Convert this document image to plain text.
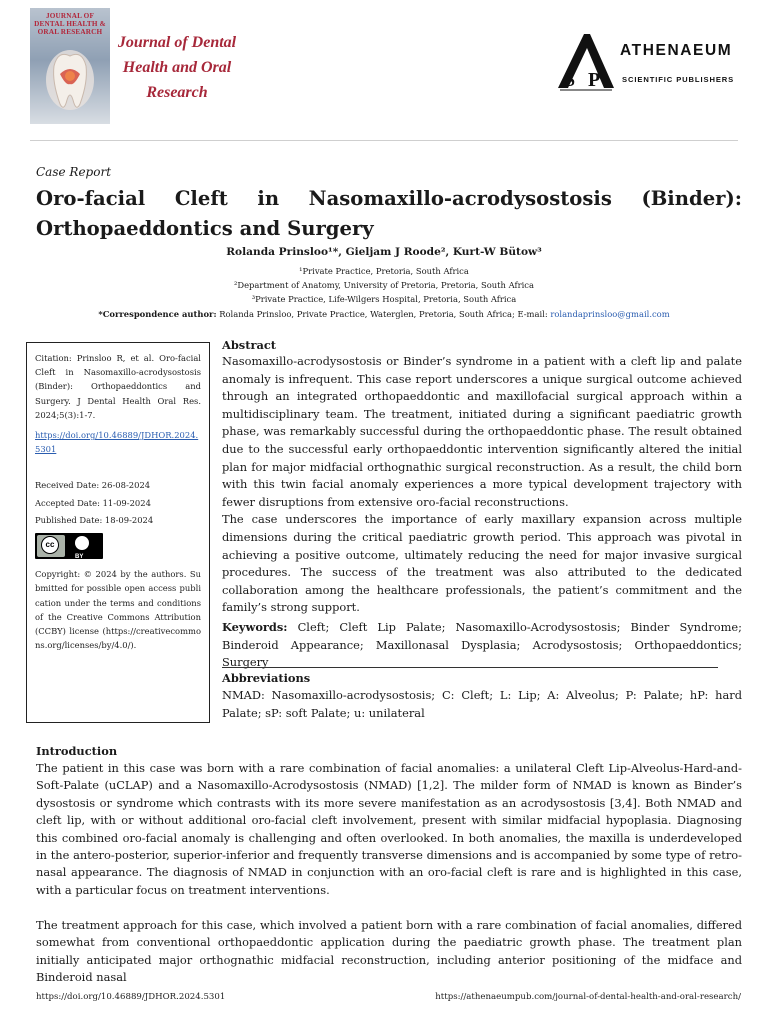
JOURNAL OF DENTAL HEALTH & ORAL RESEARCH
Journal of Dental
Health and Oral
Research
S P
ATHENAEUM
SCIENTIFIC PUBLISHERS
Case Report
Oro-facial Cleft in Nasomaxillo-acrodysostosis (Binder):
Orthopaeddontics and Surgery
Rolanda Prinsloo¹*, Gieljam J Roode², Kurt-W Bütow³
¹Private Practice, Pretoria, South Africa
²Department of Anatomy, University of Pretoria, Pretoria, South Africa
³Private Practice, Life-Wilgers Hospital, Pretoria, South Africa
*Correspondence author: Rolanda Prinsloo, Private Practice, Waterglen, Pretoria, South Africa; E-mail: rolandaprinsloo@gmail.com
Citation: Prinsloo R, et al. Oro-facial Cleft in Nasomaxillo-acrodysostosis (Binder): Orthopaeddontics and Surgery. J Dental Health Oral Res. 2024;5(3):1-7.
https://doi.org/10.46889/JDHOR.2024.5301
Received Date: 26-08-2024
Accepted Date: 11-09-2024
Published Date: 18-09-2024
cc
BY
Copyright: © 2024 by the authors. Submitted for possible open access publication under the terms and conditions of the Creative Commons Attribution (CCBY) license (https://creativecommons.org/licenses/by/4.0/).
Abstract

Nasomaxillo-acrodysostosis or Binder’s syndrome in a patient with a cleft lip and palate anomaly is infrequent. This case report underscores a unique surgical outcome achieved through an integrated orthopaeddontic and maxillofacial surgical approach within a multidisciplinary team. The treatment, initiated during a significant paediatric growth phase, was remarkably successful during the orthopaeddontic phase. The result obtained due to the successful early orthopaeddontic intervention significantly altered the initial plan for major midfacial orthognathic surgical reconstruction. As a result, the child born with this twin facial anomaly experiences a more typical development trajectory with fewer disruptions from extensive oro-facial reconstructions.

The case underscores the importance of early maxillary expansion across multiple dimensions during the critical paediatric growth period. This approach was pivotal in achieving a positive outcome, ultimately reducing the need for major invasive surgical procedures. The success of the treatment was also attributed to the dedicated collaboration among the healthcare professionals, the patient’s commitment and the family’s strong support.

Keywords: Cleft; Cleft Lip Palate; Nasomaxillo-Acrodysostosis; Binder Syndrome; Binderoid Appearance; Maxillonasal Dysplasia; Acrodysostosis; Orthopaeddontics; Surgery
Abbreviations
NMAD: Nasomaxillo-acrodysostosis; C: Cleft; L: Lip; A: Alveolus; P: Palate; hP: hard Palate; sP: soft Palate; u: unilateral
Introduction

The patient in this case was born with a rare combination of facial anomalies: a unilateral Cleft Lip-Alveolus-Hard-and-Soft-Palate (uCLAP) and a Nasomaxillo-Acrodysostosis (NMAD) [1,2]. The milder form of NMAD is known as Binder’s dysostosis or syndrome which contrasts with its more severe manifestation as an acrodysostosis [3,4]. Both NMAD and cleft lip, with or without additional oro-facial cleft involvement, present with similar midfacial hypoplasia. Diagnosing this combined oro-facial anomaly is challenging and often overlooked. In both anomalies, the maxilla is underdeveloped in the antero-posterior, superior-inferior and frequently transverse dimensions and is accompanied by some type of retro-nasal appearance. The diagnosis of NMAD in conjunction with an oro-facial cleft is rare and is highlighted in this case, with a particular focus on treatment interventions.

The treatment approach for this case, which involved a patient born with a rare combination of facial anomalies, differed somewhat from conventional orthopaeddontic application during the paediatric growth phase. The treatment plan initially anticipated major orthognathic midfacial reconstruction, including anterior positioning of the midface and Binderoid nasal

https://doi.org/10.46889/JDHOR.2024.5301	https://athenaeumpub.com/journal-of-dental-health-and-oral-research/
